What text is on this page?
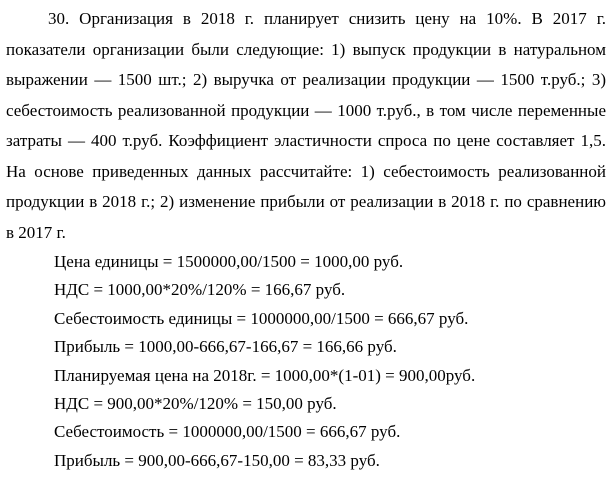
30. Организация в 2018 г. планирует снизить цену на 10%. В 2017 г. показатели организации были следующие: 1) выпуск продукции в натуральном выражении — 1500 шт.; 2) выручка от реализации продукции — 1500 т.руб.; 3) себестоимость реализованной продукции — 1000 т.руб., в том числе переменные затраты — 400 т.руб. Коэффициент эластичности спроса по цене составляет 1,5. На основе приведенных данных рассчитайте: 1) себестоимость реализованной продукции в 2018 г.; 2) изменение прибыли от реализации в 2018 г. по сравнению в 2017 г.

Цена единицы = 1500000,00/1500 = 1000,00 руб.
НДС = 1000,00*20%/120% = 166,67 руб.
Себестоимость единицы = 1000000,00/1500 = 666,67 руб.
Прибыль = 1000,00-666,67-166,67 = 166,66 руб.
Планируемая цена на 2018г. = 1000,00*(1-01) = 900,00руб.
НДС = 900,00*20%/120% = 150,00 руб.
Себестоимость = 1000000,00/1500 = 666,67 руб.
Прибыль = 900,00-666,67-150,00 = 83,33 руб.
